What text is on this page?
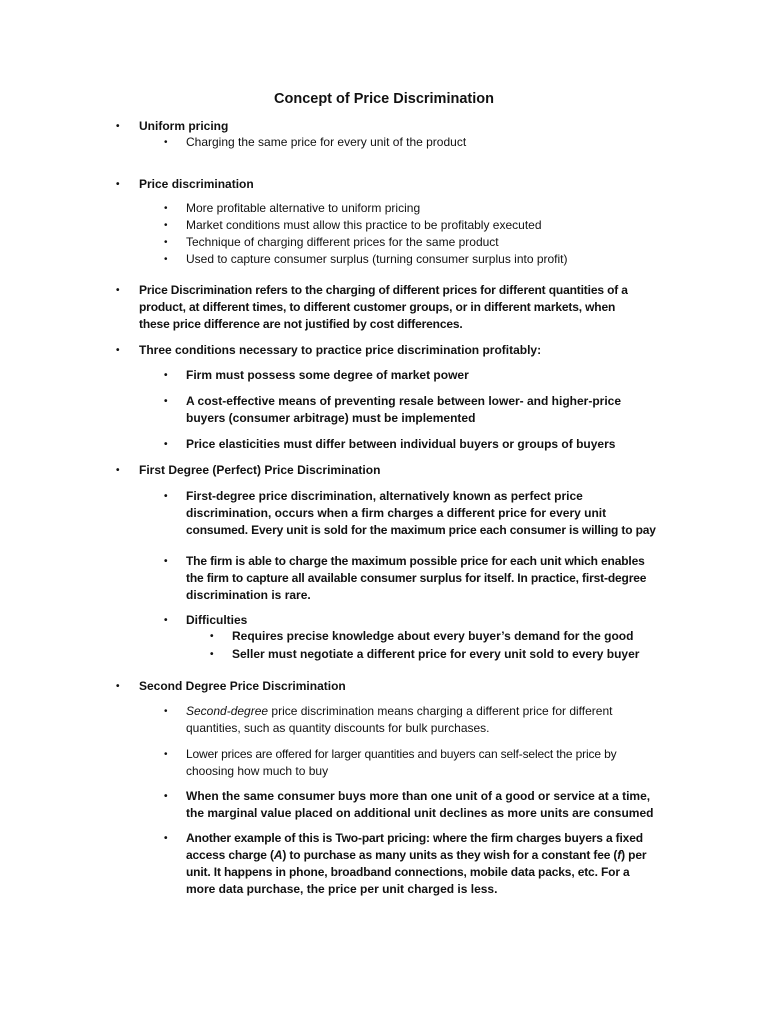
Concept of Price Discrimination
• Uniform pricing
• Charging the same price for every unit of the product
• Price discrimination
• More profitable alternative to uniform pricing
• Market conditions must allow this practice to be profitably executed
• Technique of charging different prices for the same product
• Used to capture consumer surplus (turning consumer surplus into profit)
• Price Discrimination refers to the charging of different prices for different quantities of a
product, at different times, to different customer groups, or in different markets, when
these price difference are not justified by cost differences.
• Three conditions necessary to practice price discrimination profitably:
• Firm must possess some degree of market power
• A cost-effective means of preventing resale between lower- and higher-price
buyers (consumer arbitrage) must be implemented
• Price elasticities must differ between individual buyers or groups of buyers
• First Degree (Perfect) Price Discrimination
• First-degree price discrimination, alternatively known as perfect price
discrimination, occurs when a firm charges a different price for every unit
consumed. Every unit is sold for the maximum price each consumer is willing to pay
• The firm is able to charge the maximum possible price for each unit which enables
the firm to capture all available consumer surplus for itself. In practice, first-degree
discrimination is rare.
• Difficulties
• Requires precise knowledge about every buyer’s demand for the good
• Seller must negotiate a different price for every unit sold to every buyer
• Second Degree Price Discrimination
• Second-degree price discrimination means charging a different price for different
quantities, such as quantity discounts for bulk purchases.
• Lower prices are offered for larger quantities and buyers can self-select the price by
choosing how much to buy
• When the same consumer buys more than one unit of a good or service at a time,
the marginal value placed on additional unit declines as more units are consumed
• Another example of this is Two-part pricing: where the firm charges buyers a fixed
access charge (A) to purchase as many units as they wish for a constant fee (f) per
unit. It happens in phone, broadband connections, mobile data packs, etc. For a
more data purchase, the price per unit charged is less.
